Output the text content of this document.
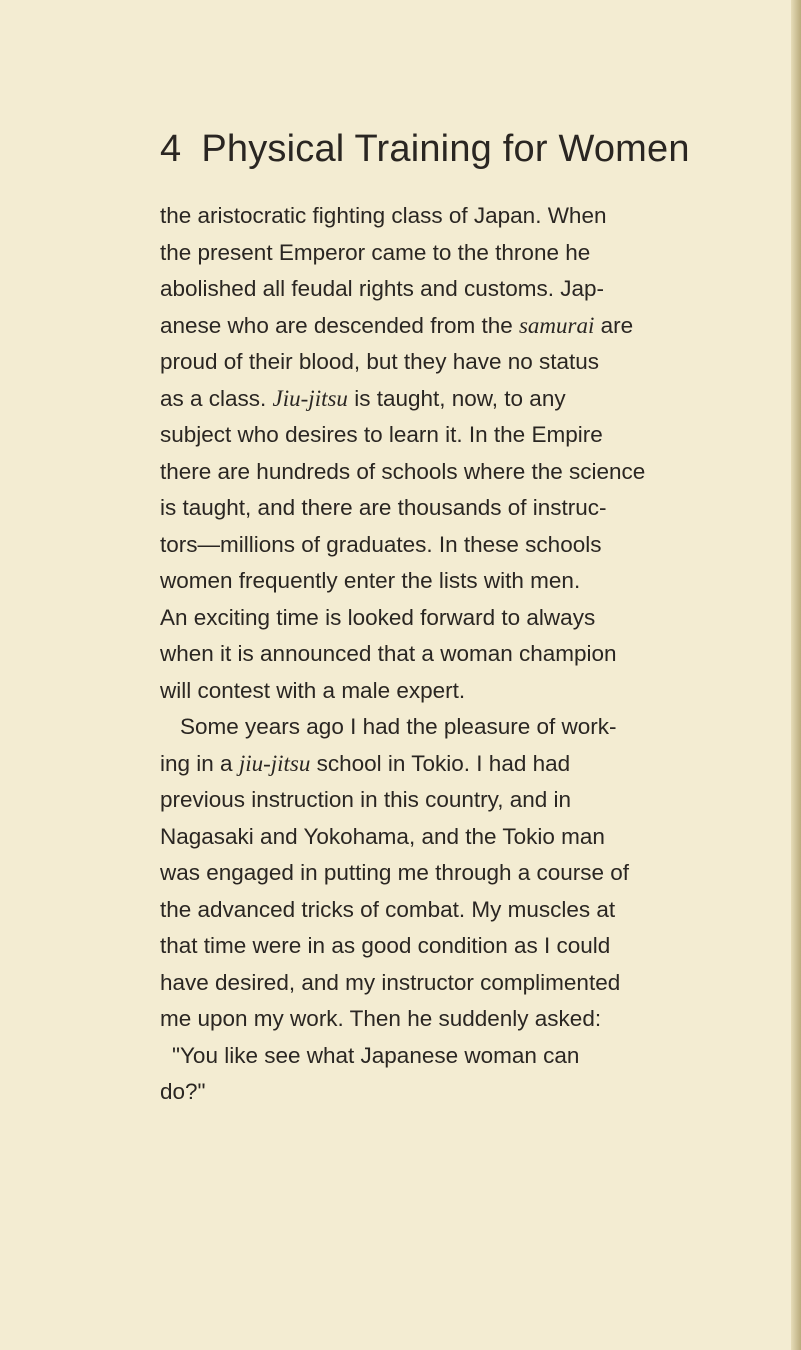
4 Physical Training for Women
the aristocratic fighting class of Japan. When
the present Emperor came to the throne he
abolished all feudal rights and customs. Jap-
anese who are descended from the samurai are
proud of their blood, but they have no status
as a class. Jiu-jitsu is taught, now, to any
subject who desires to learn it. In the Empire
there are hundreds of schools where the science
is taught, and there are thousands of instruc-
tors—millions of graduates. In these schools
women frequently enter the lists with men.
An exciting time is looked forward to always
when it is announced that a woman champion
will contest with a male expert.
Some years ago I had the pleasure of work-
ing in a jiu-jitsu school in Tokio. I had had
previous instruction in this country, and in
Nagasaki and Yokohama, and the Tokio man
was engaged in putting me through a course of
the advanced tricks of combat. My muscles at
that time were in as good condition as I could
have desired, and my instructor complimented
me upon my work. Then he suddenly asked:
"You like see what Japanese woman can
do?"
